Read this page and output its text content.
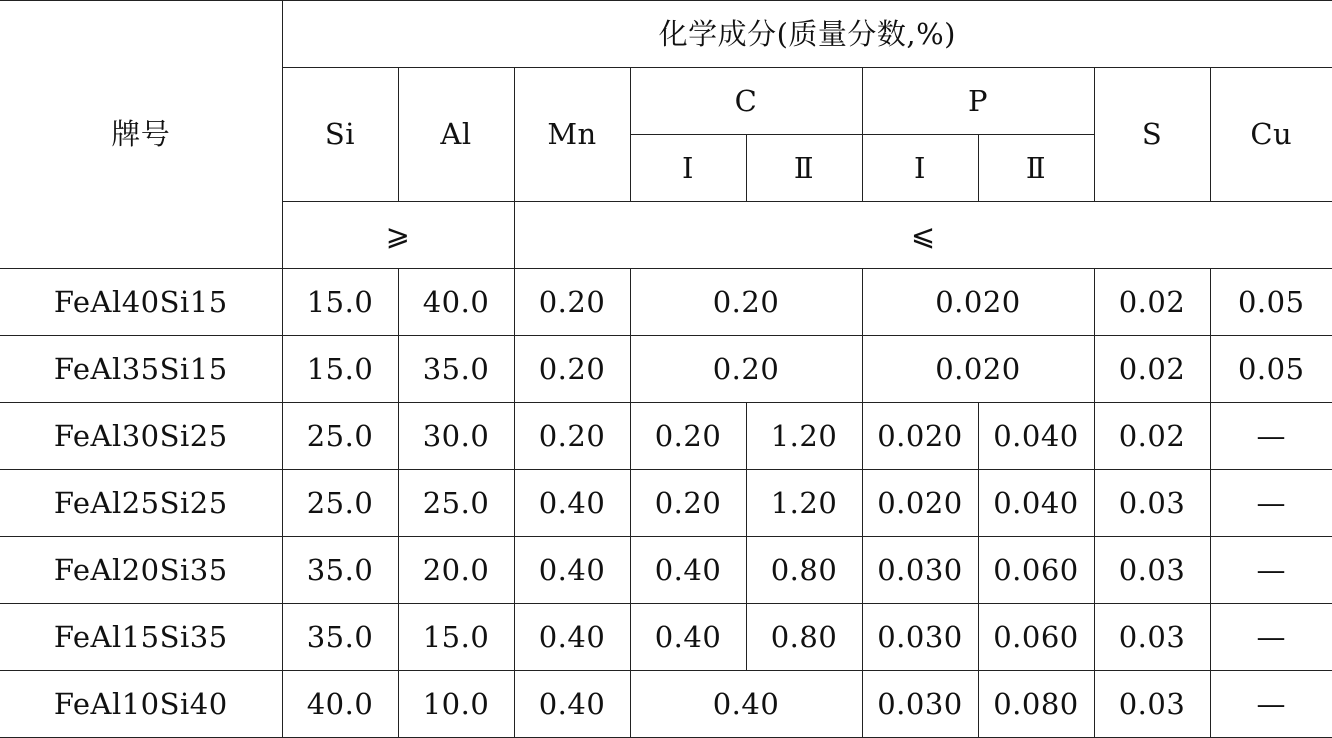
牌号	化学成分(质量分数,%)								
	Si	Al	Mn	C		P		S	Cu
				Ⅰ	Ⅱ	Ⅰ	Ⅱ		
	⩾		⩽						
FeAl40Si15	15.0	40.0	0.20	0.20		0.020		0.02	0.05
FeAl35Si15	15.0	35.0	0.20	0.20		0.020		0.02	0.05
FeAl30Si25	25.0	30.0	0.20	0.20	1.20	0.020	0.040	0.02	—
FeAl25Si25	25.0	25.0	0.40	0.20	1.20	0.020	0.040	0.03	—
FeAl20Si35	35.0	20.0	0.40	0.40	0.80	0.030	0.060	0.03	—
FeAl15Si35	35.0	15.0	0.40	0.40	0.80	0.030	0.060	0.03	—
FeAl10Si40	40.0	10.0	0.40	0.40		0.030	0.080	0.03	—
